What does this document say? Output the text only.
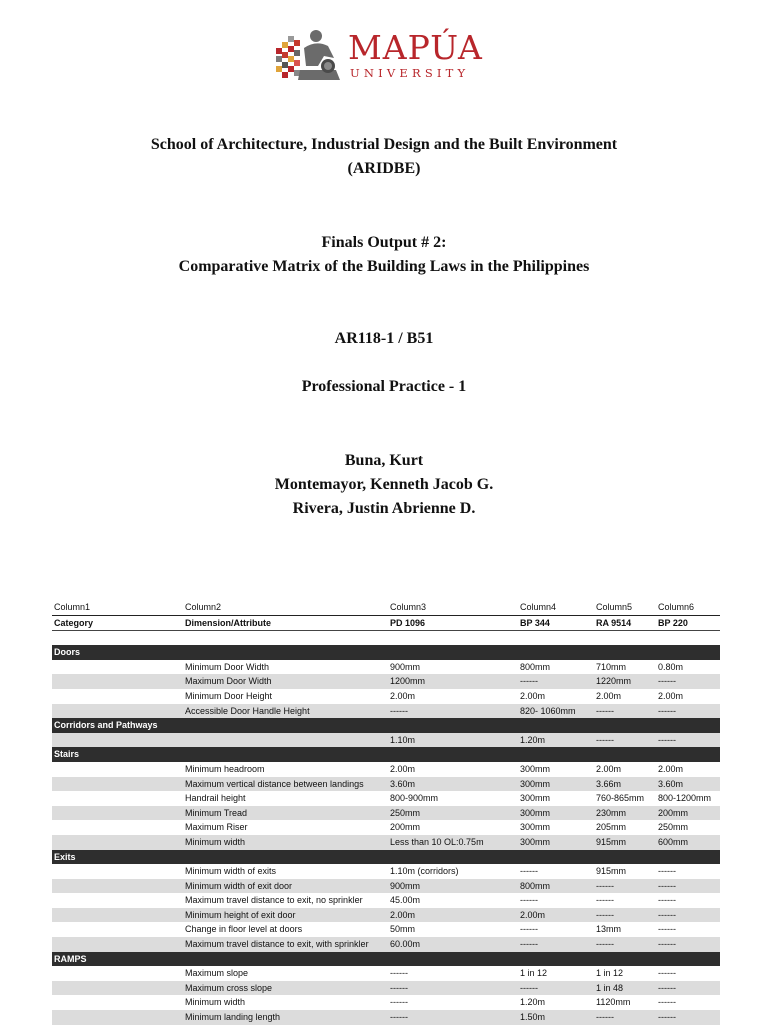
MAPÚA
UNIVERSITY
School of Architecture, Industrial Design and the Built Environment
(ARIDBE)
Finals Output # 2:
Comparative Matrix of the Building Laws in the Philippines
AR118-1 / B51
Professional Practice - 1
Buna, Kurt
Montemayor, Kenneth Jacob G.
Rivera, Justin Abrienne D.
Column1	Column2	Column3	Column4	Column5	Column6
Category	Dimension/Attribute	PD 1096	BP 344	RA 9514	BP 220

Doors					
	Minimum Door Width	900mm	800mm	710mm	0.80m
	Maximum Door Width	1200mm	------	1220mm	------
	Minimum Door Height	2.00m	2.00m	2.00m	2.00m
	Accessible Door Handle Height	------	820- 1060mm	------	------
Corridors and Pathways					
		1.10m	1.20m	------	------
Stairs					
	Minimum headroom	2.00m	300mm	2.00m	2.00m
	Maximum vertical distance between landings	3.60m	300mm	3.66m	3.60m
	Handrail height	800-900mm	300mm	760-865mm	800-1200mm
	Minimum Tread	250mm	300mm	230mm	200mm
	Maximum Riser	200mm	300mm	205mm	250mm
	Minimum width	Less than 10 OL:0.75m	300mm	915mm	600mm
Exits					
	Minimum width of exits	1.10m (corridors)	------	915mm	------
	Minimum width of exit door	900mm	800mm	------	------
	Maximum travel distance to exit, no sprinkler	45.00m	------	------	------
	Minimum height of exit door	2.00m	2.00m	------	------
	Change in floor level at doors	50mm	------	13mm	------
	Maximum travel distance to exit, with sprinkler	60.00m	------	------	------
RAMPS					
	Maximum slope	------	1 in 12	1 in 12	------
	Maximum cross slope	------	------	1 in 48	------
	Minimum width	------	1.20m	1120mm	------
	Minimum landing length	------	1.50m	------	------
